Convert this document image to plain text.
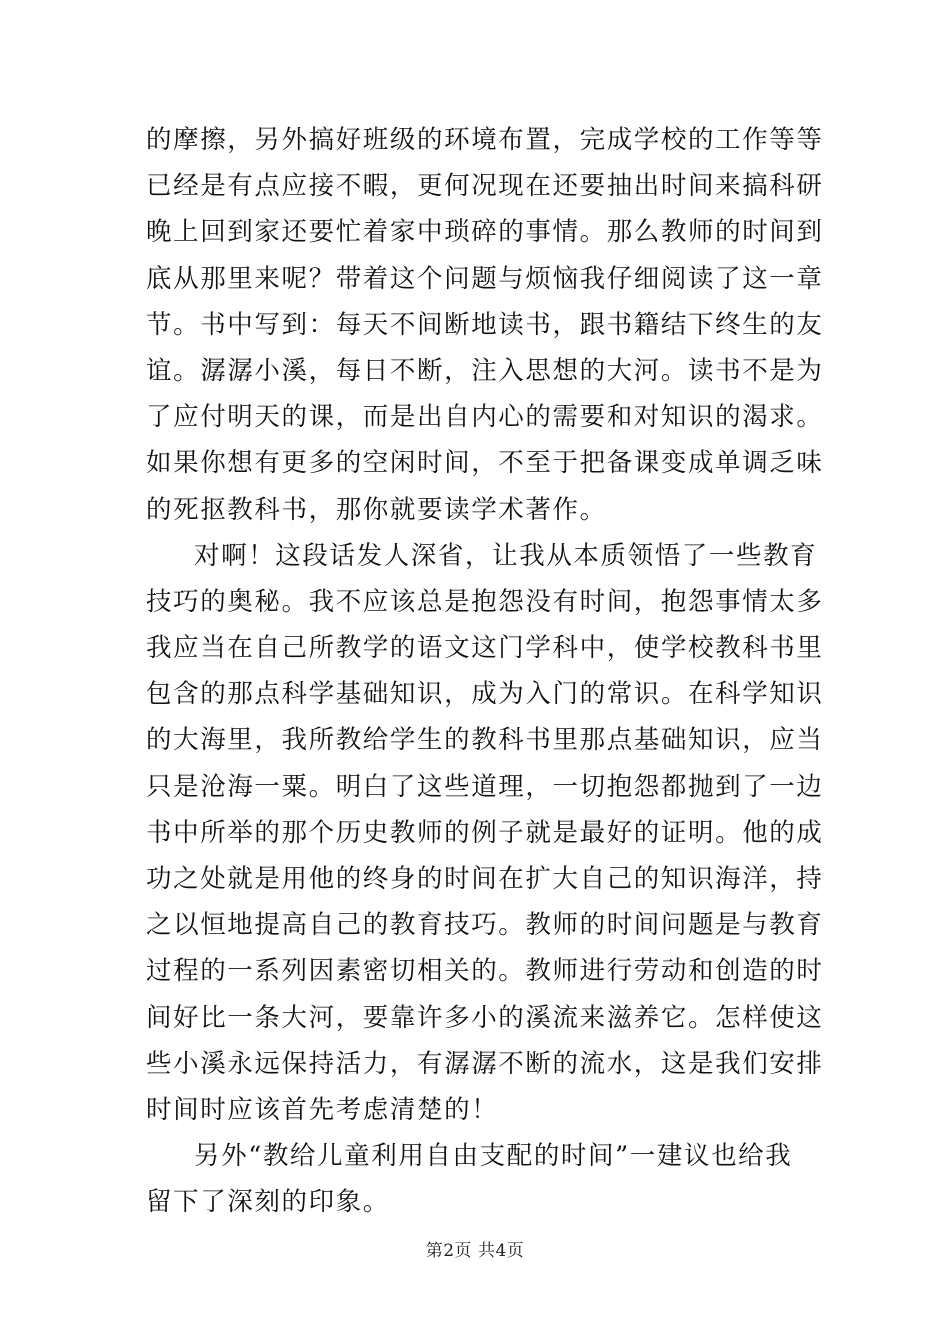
的摩擦，另外搞好班级的环境布置，完成学校的工作等等
已经是有点应接不暇，更何况现在还要抽出时间来搞科研
晚上回到家还要忙着家中琐碎的事情。那么教师的时间到
底从那里来呢？带着这个问题与烦恼我仔细阅读了这一章
节。书中写到：每天不间断地读书，跟书籍结下终生的友
谊。潺潺小溪，每日不断，注入思想的大河。读书不是为
了应付明天的课，而是出自内心的需要和对知识的渴求。
如果你想有更多的空闲时间，不至于把备课变成单调乏味
的死抠教科书，那你就要读学术著作。
对啊！这段话发人深省，让我从本质领悟了一些教育
技巧的奥秘。我不应该总是抱怨没有时间，抱怨事情太多
我应当在自己所教学的语文这门学科中，使学校教科书里
包含的那点科学基础知识，成为入门的常识。在科学知识
的大海里，我所教给学生的教科书里那点基础知识，应当
只是沧海一粟。明白了这些道理，一切抱怨都抛到了一边
书中所举的那个历史教师的例子就是最好的证明。他的成
功之处就是用他的终身的时间在扩大自己的知识海洋，持
之以恒地提高自己的教育技巧。教师的时间问题是与教育
过程的一系列因素密切相关的。教师进行劳动和创造的时
间好比一条大河，要靠许多小的溪流来滋养它。怎样使这
些小溪永远保持活力，有潺潺不断的流水，这是我们安排
时间时应该首先考虑清楚的！
另外“教给儿童利用自由支配的时间”一建议也给我
留下了深刻的印象。
第2页 共4页
